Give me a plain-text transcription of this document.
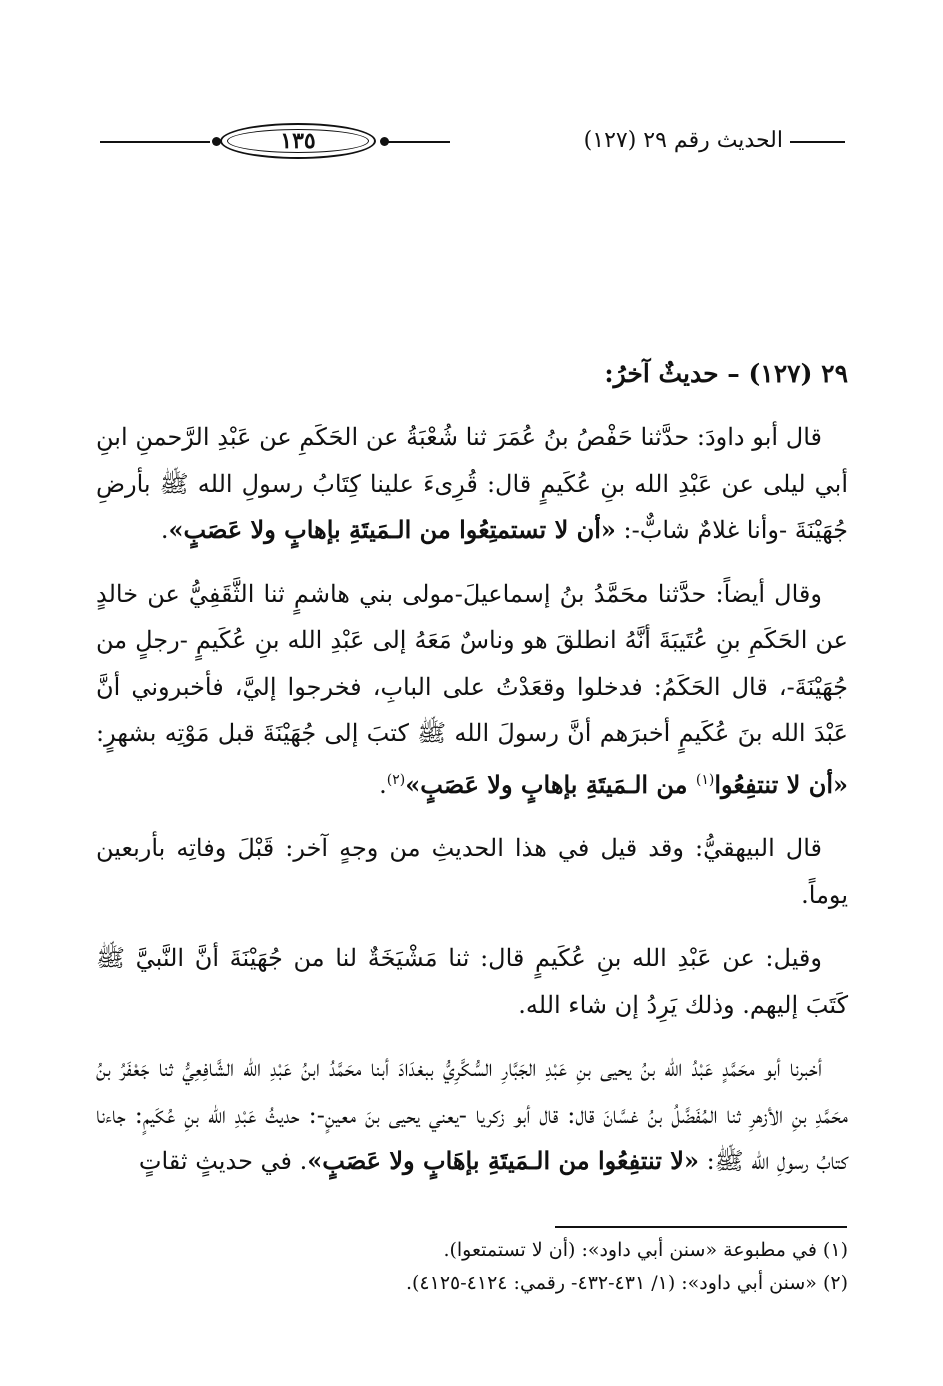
الحديث رقم ٢٩ (١٢٧)
١٣٥
٢٩ (١٢٧) – حديثٌ آخرُ:

قال أبو داودَ: حدَّثنا حَفْصُ بنُ عُمَرَ ثنا شُعْبَةُ عن الحَكَمِ عن عَبْدِ الرَّحمنِ ابنِ أبي ليلى عن عَبْدِ الله بنِ عُكَيمٍ قال: قُرِىءَ علينا كِتَابُ رسولِ الله ﷺ بأرضِ جُهَيْنَةَ -وأنا غلامٌ شابٌّ-: «أن لا تستمتِعُوا من الـمَيتَةِ بإهابٍ ولا عَصَبٍ».

وقال أيضاً: حدَّثنا محَمَّدُ بنُ إسماعيلَ-مولى بني هاشمٍ ثنا الثَّقَفِيُّ عن خالدٍ عن الحَكَمِ بنِ عُتَيبَةَ أنَّهُ انطلقَ هو وناسٌ مَعَهُ إلى عَبْدِ الله بنِ عُكَيمٍ -رجلٍ من جُهَيْنَةَ-، قال الحَكَمُ: فدخلوا وقعَدْتُ على البابِ، فخرجوا إليَّ، فأخبروني أنَّ عَبْدَ الله بنَ عُكَيمٍ أخبرَهم أنَّ رسولَ الله ﷺ كتبَ إلى جُهَيْنَةَ قبل مَوْتِه بشهرٍ: «أن لا تنتفِعُوا$^{(١)}$ من الـمَيتَةِ بإهابٍ ولا عَصَبٍ»$^{(٢)}$.

قال البيهقيُّ: وقد قيل في هذا الحديثِ من وجهٍ آخر: قَبْلَ وفاتِه بأربعين يوماً.

وقيل: عن عَبْدِ الله بنِ عُكَيمٍ قال: ثنا مَشْيَخَةٌ لنا من جُهَيْنَةَ أنَّ النَّبيَّ ﷺ كَتَبَ إليهم. وذلك يَرِدُ إن شاء الله.

أخبرنا أبو محَمَّدٍ عَبْدُ الله بنُ يحيى بنِ عَبْدِ الجَبَّارِ السُّكَّرِيُّ ببغدَادَ أبنا محَمَّدُ ابنُ عَبْدِ الله الشَّافِعِيُّ ثنا جَعْفَرُ بنُ محَمَّدِ بنِ الأزهرِ ثنا المُفَضَّلُ بنُ غسَّانَ قال: قال أبو زكريا -يعني يحيى بنَ معينٍ-: حديثُ عَبْدِ الله بنِ عُكَيمٍ: جاءنا كتابُ رسولِ الله ﷺ: «لا تنتفِعُوا من الـمَيتَةِ بإهَابٍ ولا عَصَبٍ». في حديثٍ ثقاتٍ

(١) في مطبوعة «سنن أبي داود»: (أن لا تستمتعوا).

(٢) «سنن أبي داود»: (١/ ٤٣١-٤٣٢- رقمي: ٤١٢٤-٤١٢٥).
